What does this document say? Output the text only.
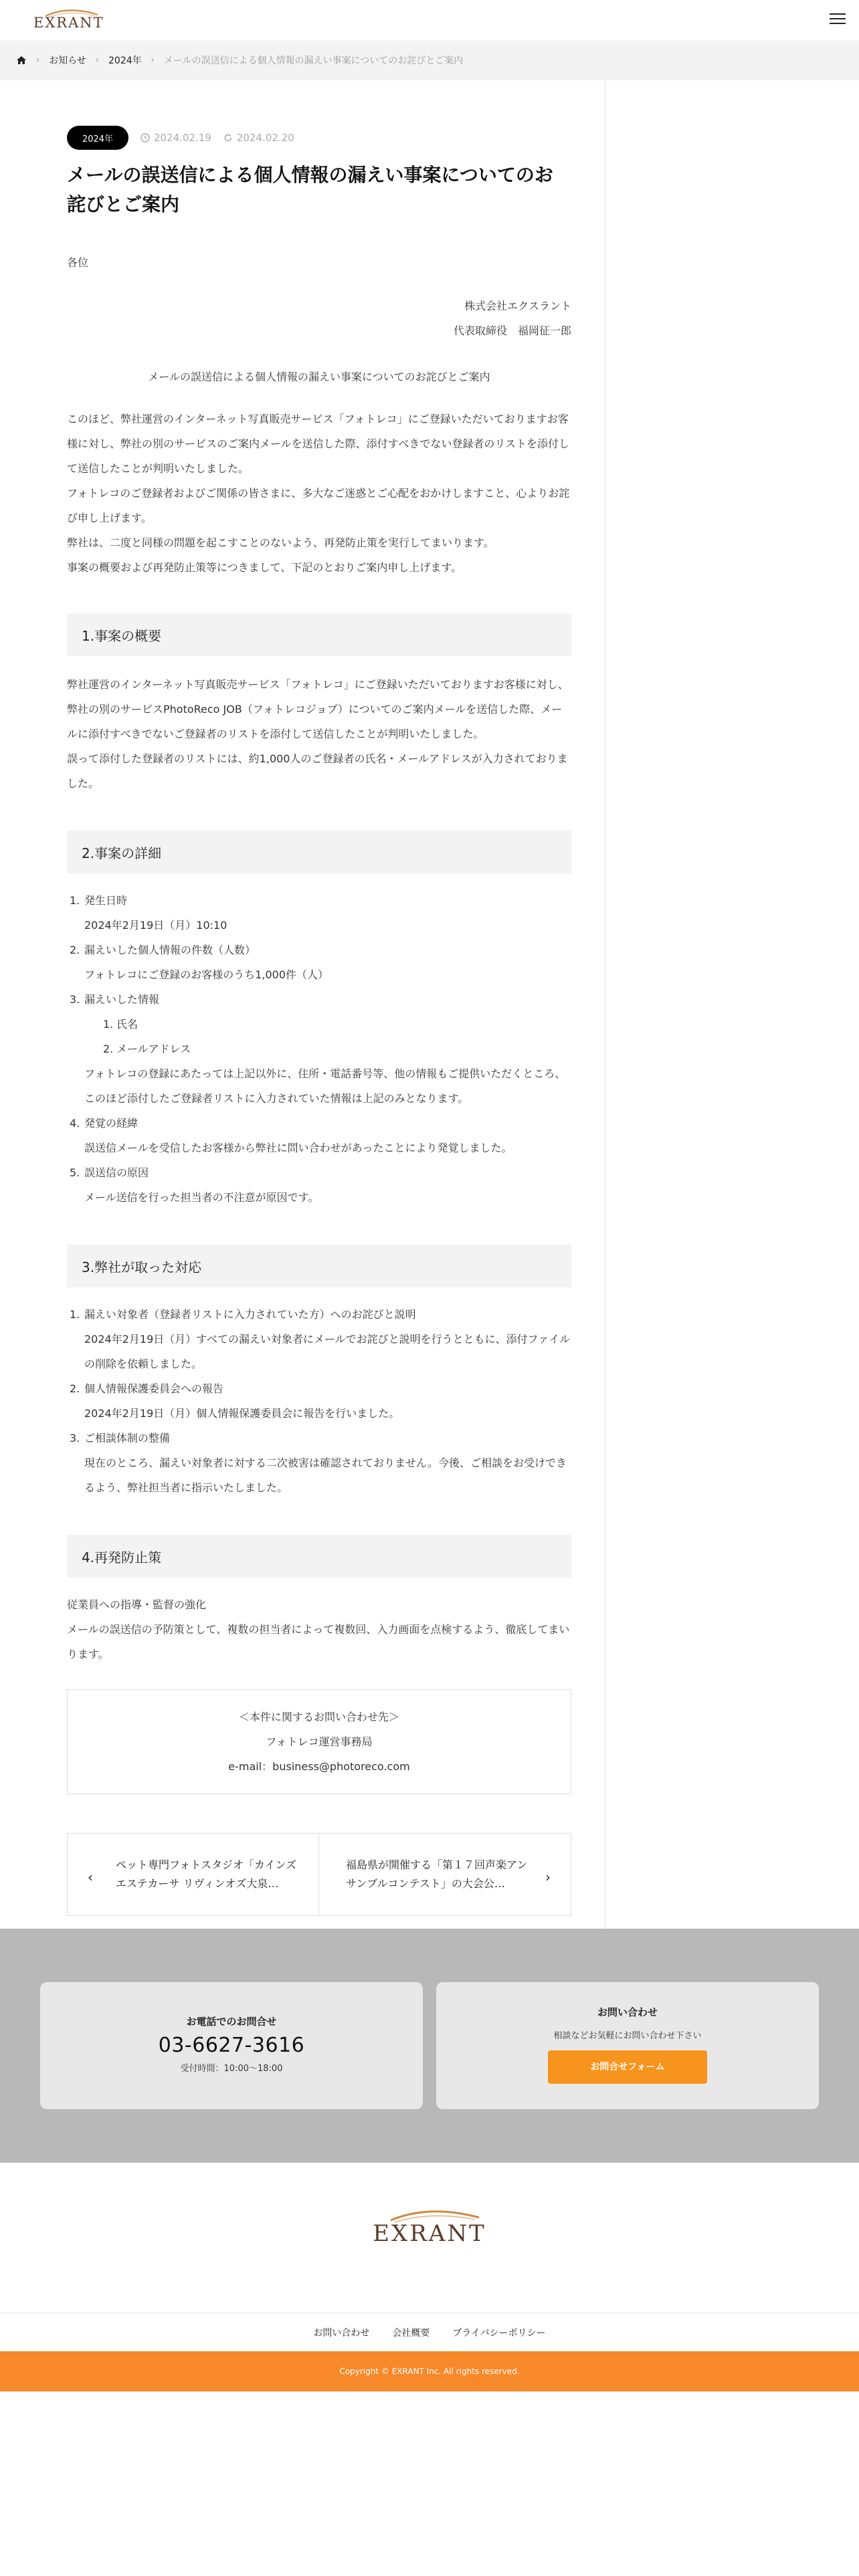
EXRANT
› お知らせ › 2024年 › メールの誤送信による個人情報の漏えい事案についてのお詫びとご案内
2024年	2024.02.19	2024.02.20
メールの誤送信による個人情報の漏えい事案についてのお
詫びとご案内
各位
株式会社エクスラント
代表取締役　福岡征一郎
メールの誤送信による個人情報の漏えい事案についてのお詫びとご案内
このほど、弊社運営のインターネット写真販売サービス「フォトレコ」にご登録いただいておりますお客
様に対し、弊社の別のサービスのご案内メールを送信した際、添付すべきでない登録者のリストを添付し
て送信したことが判明いたしました。
フォトレコのご登録者およびご関係の皆さまに、多大なご迷惑とご心配をおかけしますこと、心よりお詫
び申し上げます。
弊社は、二度と同様の問題を起こすことのないよう、再発防止策を実行してまいります。
事案の概要および再発防止策等につきまして、下記のとおりご案内申し上げます。
1.事案の概要
弊社運営のインターネット写真販売サービス「フォトレコ」にご登録いただいておりますお客様に対し、
弊社の別のサービスPhotoReco JOB（フォトレコジョブ）についてのご案内メールを送信した際、メー
ルに添付すべきでないご登録者のリストを添付して送信したことが判明いたしました。
誤って添付した登録者のリストには、約1,000人のご登録者の氏名・メールアドレスが入力されておりま
した。
2.事案の詳細
1. 発生日時
2024年2月19日（月）10:10
2. 漏えいした個人情報の件数（人数）
フォトレコにご登録のお客様のうち1,000件（人）
3. 漏えいした情報
1. 氏名
2. メールアドレス
フォトレコの登録にあたっては上記以外に、住所・電話番号等、他の情報もご提供いただくところ、
このほど添付したご登録者リストに入力されていた情報は上記のみとなります。
4. 発覚の経緯
誤送信メールを受信したお客様から弊社に問い合わせがあったことにより発覚しました。
5. 誤送信の原因
メール送信を行った担当者の不注意が原因です。
3.弊社が取った対応
1. 漏えい対象者（登録者リストに入力されていた方）へのお詫びと説明
2024年2月19日（月）すべての漏えい対象者にメールでお詫びと説明を行うとともに、添付ファイル
の削除を依頼しました。
2. 個人情報保護委員会への報告
2024年2月19日（月）個人情報保護委員会に報告を行いました。
3. ご相談体制の整備
現在のところ、漏えい対象者に対する二次被害は確認されておりません。今後、ご相談をお受けでき
るよう、弊社担当者に指示いたしました。
4.再発防止策
従業員への指導・監督の強化
メールの誤送信の予防策として、複数の担当者によって複数回、入力画面を点検するよう、徹底してまい
ります。
＜本件に関するお問い合わせ先＞
フォトレコ運営事務局
e-mail：business@photoreco.com
‹
ペット専門フォトスタジオ「カインズ エステカーサ リヴィンオズ大泉…
福島県が開催する「第１７回声楽アンサンブルコンテスト」の大会公…	›
お電話でのお問合せ
03-6627-3616
受付時間：10:00〜18:00
お問い合わせ
相談などお気軽にお問い合わせ下さい
お問合せフォーム
EXRANT
お問い合わせ 会社概要 プライバシーポリシー
Copyright © EXRANT Inc. All rights reserved.
